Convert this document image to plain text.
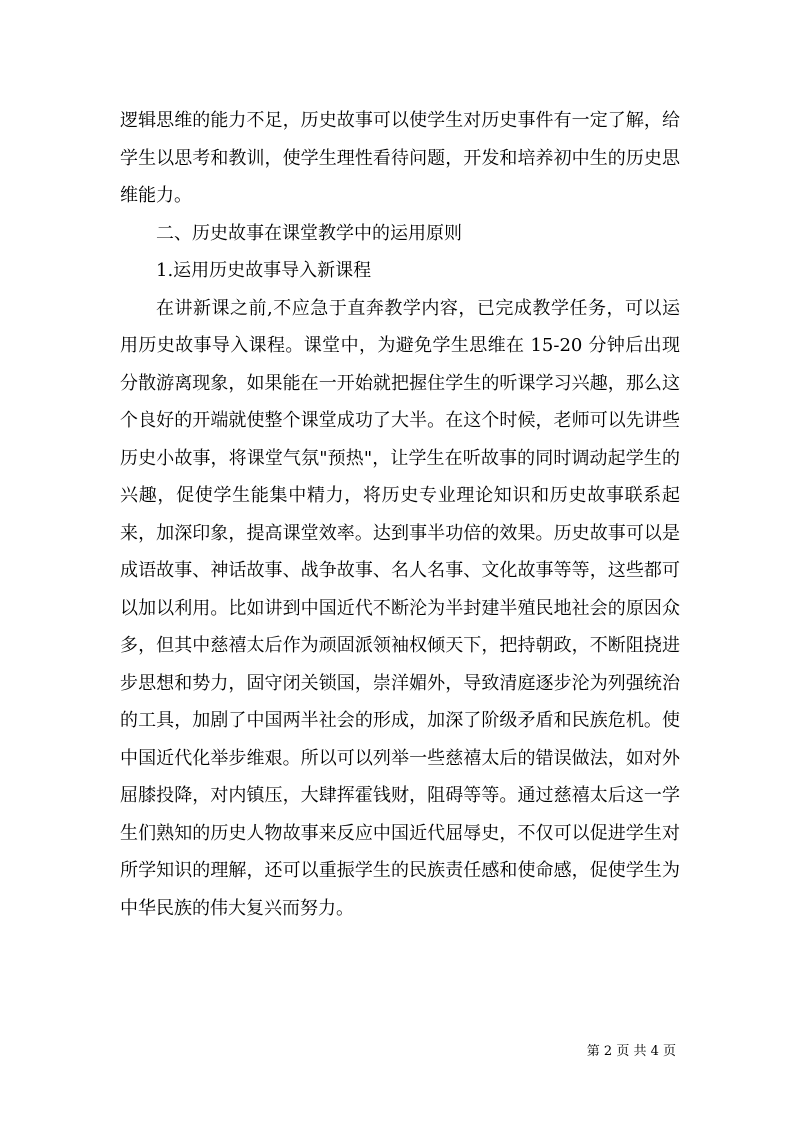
逻辑思维的能力不足，历史故事可以使学生对历史事件有一定了解，给学生以思考和教训，使学生理性看待问题，开发和培养初中生的历史思维能力。

二、历史故事在课堂教学中的运用原则

1.运用历史故事导入新课程

在讲新课之前,不应急于直奔教学内容，已完成教学任务，可以运用历史故事导入课程。课堂中，为避免学生思维在 15-20 分钟后出现分散游离现象，如果能在一开始就把握住学生的听课学习兴趣，那么这个良好的开端就使整个课堂成功了大半。在这个时候，老师可以先讲些历史小故事，将课堂气氛"预热"，让学生在听故事的同时调动起学生的兴趣，促使学生能集中精力，将历史专业理论知识和历史故事联系起来，加深印象，提高课堂效率。达到事半功倍的效果。历史故事可以是成语故事、神话故事、战争故事、名人名事、文化故事等等，这些都可以加以利用。比如讲到中国近代不断沦为半封建半殖民地社会的原因众多，但其中慈禧太后作为顽固派领袖权倾天下，把持朝政，不断阻挠进步思想和势力，固守闭关锁国，崇洋媚外，导致清庭逐步沦为列强统治的工具，加剧了中国两半社会的形成，加深了阶级矛盾和民族危机。使中国近代化举步维艰。所以可以列举一些慈禧太后的错误做法，如对外屈膝投降，对内镇压，大肆挥霍钱财，阻碍等等。通过慈禧太后这一学生们熟知的历史人物故事来反应中国近代屈辱史，不仅可以促进学生对所学知识的理解，还可以重振学生的民族责任感和使命感，促使学生为中华民族的伟大复兴而努力。

第 2 页 共 4 页
